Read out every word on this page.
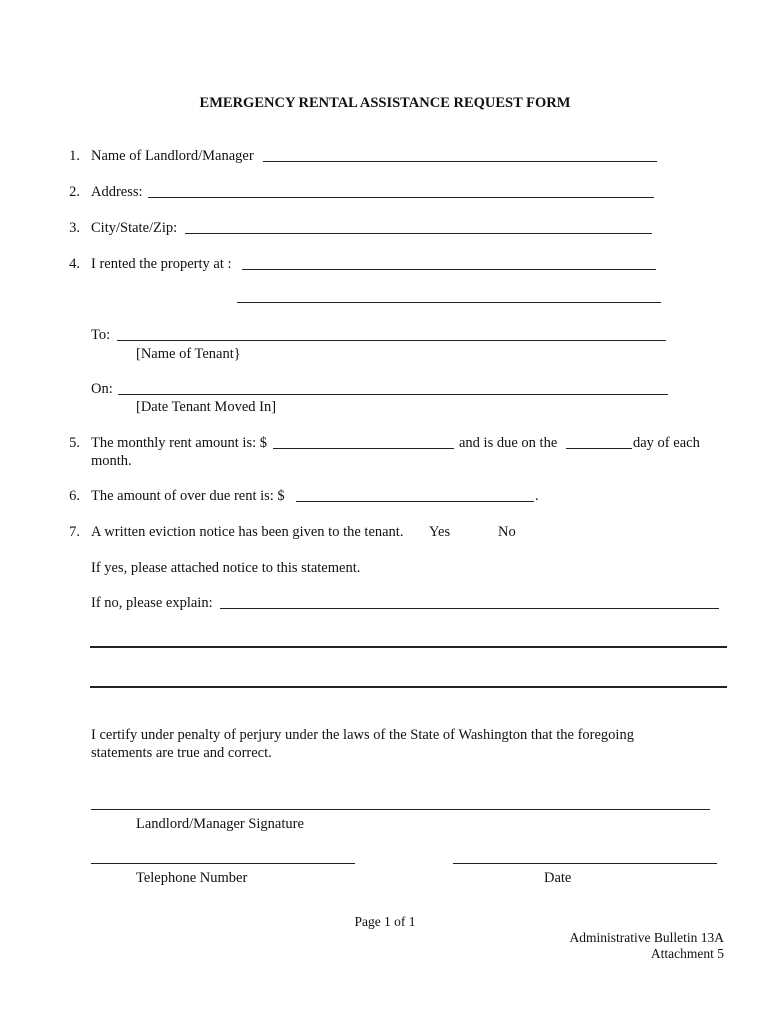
EMERGENCY RENTAL ASSISTANCE REQUEST FORM
1. Name of Landlord/Manager
2. Address:
3. City/State/Zip:
4. I rented the property at :
To:
[Name of Tenant}
On:
[Date Tenant Moved In]
5. The monthly rent amount is: $	and is due on the	day of each
month.
6. The amount of over due rent is: $	.
7. A written eviction notice has been given to the tenant. Yes	No
If yes, please attached notice to this statement.
If no, please explain:
I certify under penalty of perjury under the laws of the State of Washington that the foregoing
statements are true and correct.
Landlord/Manager Signature
Telephone Number	Date
Page 1 of 1
Administrative Bulletin 13A
Attachment 5
